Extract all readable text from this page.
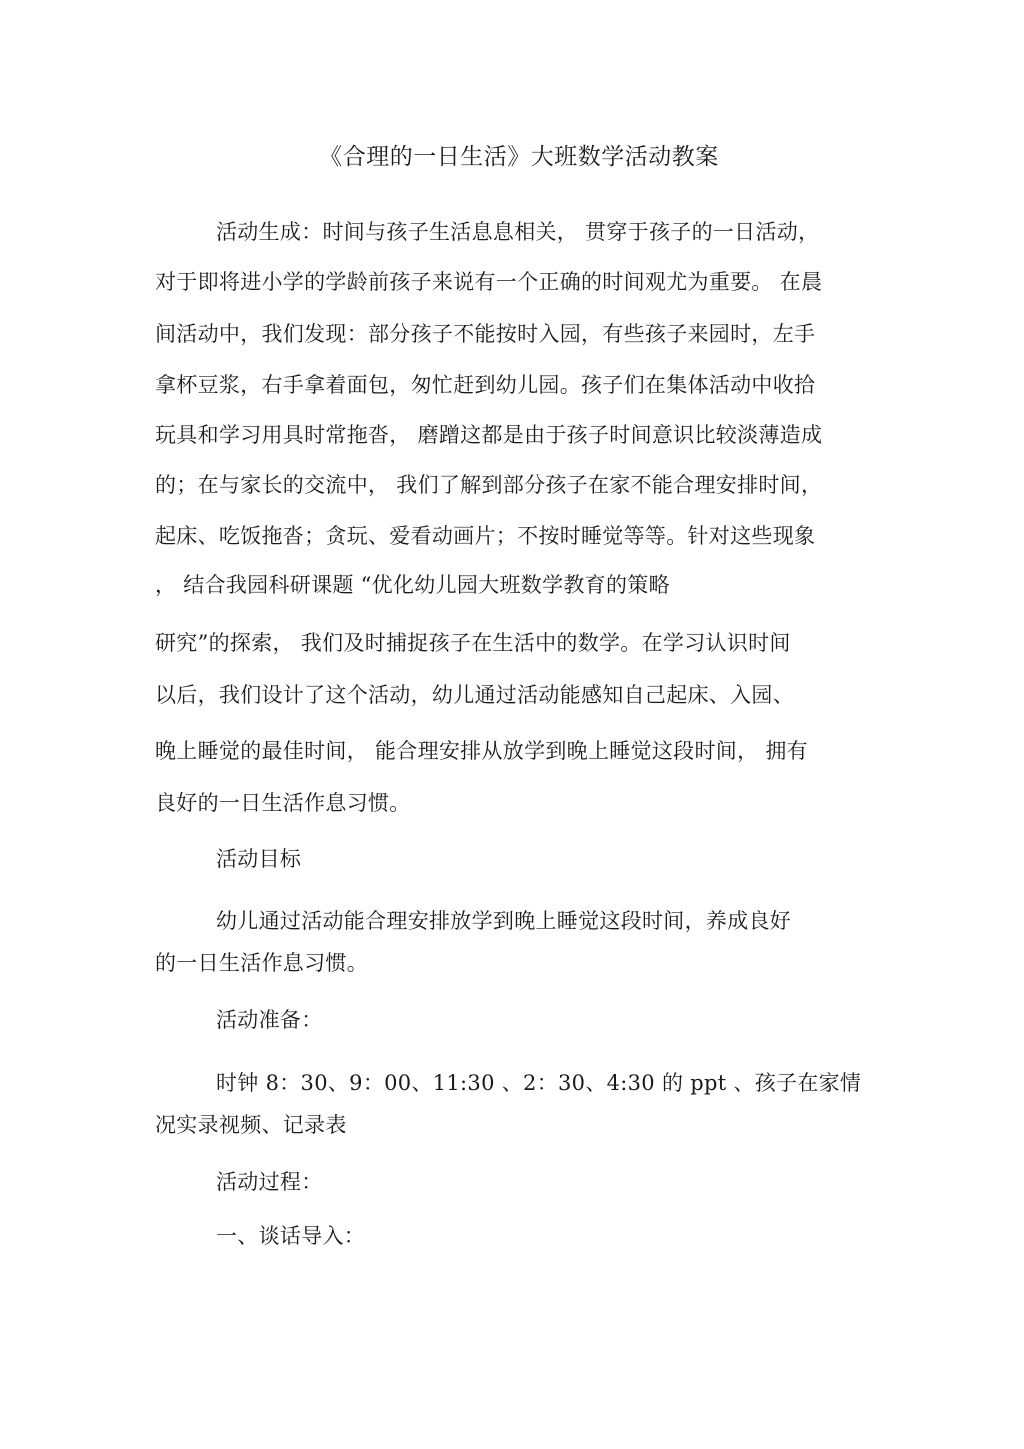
《合理的一日生活》大班数学活动教案
活动生成：时间与孩子生活息息相关， 贯穿于孩子的一日活动，
对于即将进小学的学龄前孩子来说有一个正确的时间观尤为重要。 在晨
间活动中，我们发现：部分孩子不能按时入园，有些孩子来园时，左手
拿杯豆浆，右手拿着面包，匆忙赶到幼儿园。孩子们在集体活动中收拾
玩具和学习用具时常拖沓， 磨蹭这都是由于孩子时间意识比较淡薄造成
的；在与家长的交流中， 我们了解到部分孩子在家不能合理安排时间，
起床、吃饭拖沓；贪玩、爱看动画片；不按时睡觉等等。针对这些现象
， 结合我园科研课题 “优化幼儿园大班数学教育的策略
研究”的探索， 我们及时捕捉孩子在生活中的数学。在学习认识时间
以后，我们设计了这个活动，幼儿通过活动能感知自己起床、入园、
晚上睡觉的最佳时间， 能合理安排从放学到晚上睡觉这段时间， 拥有
良好的一日生活作息习惯。
活动目标
幼儿通过活动能合理安排放学到晚上睡觉这段时间，养成良好
的一日生活作息习惯。
活动准备：
时钟 8：30、9：00、11:30 、2：30、4:30 的 ppt 、孩子在家情
况实录视频、记录表
活动过程：
一、谈话导入：
